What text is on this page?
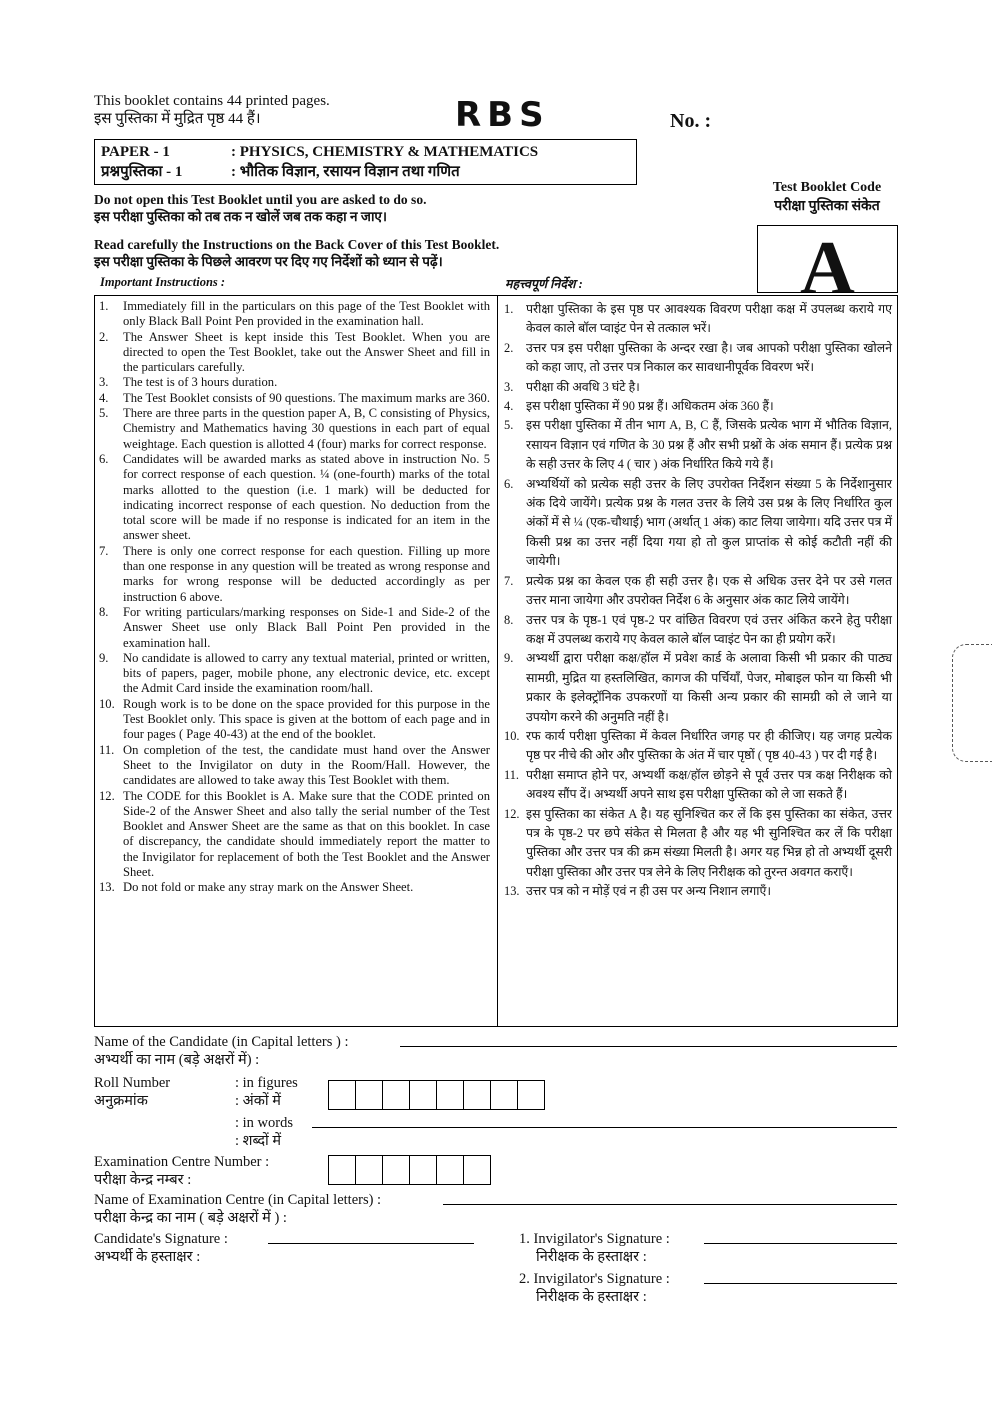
This booklet contains 44 printed pages.
इस पुस्तिका में मुद्रित पृष्ठ 44 हैं।	RBS	No. :
PAPER - 1	: PHYSICS, CHEMISTRY & MATHEMATICS
प्रश्नपुस्तिका - 1	: भौतिक विज्ञान, रसायन विज्ञान तथा गणित
Test Booklet Code
परीक्षा पुस्तिका संकेत
A
Do not open this Test Booklet until you are asked to do so.
इस परीक्षा पुस्तिका को तब तक न खोलें जब तक कहा न जाए।
Read carefully the Instructions on the Back Cover of this Test Booklet.
इस परीक्षा पुस्तिका के पिछले आवरण पर दिए गए निर्देशों को ध्यान से पढ़ें।
Important Instructions :	महत्त्वपूर्ण निर्देश :
1.	Immediately fill in the particulars on this page of the Test Booklet with only Black Ball Point Pen provided in the examination hall.
2.	The Answer Sheet is kept inside this Test Booklet. When you are directed to open the Test Booklet, take out the Answer Sheet and fill in the particulars carefully.
3.	The test is of 3 hours duration.
4.	The Test Booklet consists of 90 questions. The maximum marks are 360.
5.	There are three parts in the question paper A, B, C consisting of Physics, Chemistry and Mathematics having 30 questions in each part of equal weightage. Each question is allotted 4 (four) marks for correct response.
6.	Candidates will be awarded marks as stated above in instruction No. 5 for correct response of each question. ¼ (one-fourth) marks of the total marks allotted to the question (i.e. 1 mark) will be deducted for indicating incorrect response of each question. No deduction from the total score will be made if no response is indicated for an item in the answer sheet.
7.	There is only one correct response for each question. Filling up more than one response in any question will be treated as wrong response and marks for wrong response will be deducted accordingly as per instruction 6 above.
8.	For writing particulars/marking responses on Side-1 and Side-2 of the Answer Sheet use only Black Ball Point Pen provided in the examination hall.
9.	No candidate is allowed to carry any textual material, printed or written, bits of papers, pager, mobile phone, any electronic device, etc. except the Admit Card inside the examination room/hall.
10. Rough work is to be done on the space provided for this purpose in the Test Booklet only. This space is given at the bottom of each page and in four pages ( Page 40-43) at the end of the booklet.
11. On completion of the test, the candidate must hand over the Answer Sheet to the Invigilator on duty in the Room/Hall. However, the candidates are allowed to take away this Test Booklet with them.
12. The CODE for this Booklet is A. Make sure that the CODE printed on Side-2 of the Answer Sheet and also tally the serial number of the Test Booklet and Answer Sheet are the same as that on this booklet. In case of discrepancy, the candidate should immediately report the matter to the Invigilator for replacement of both the Test Booklet and the Answer Sheet.
13. Do not fold or make any stray mark on the Answer Sheet.
1.	परीक्षा पुस्तिका के इस पृष्ठ पर आवश्यक विवरण परीक्षा कक्ष में उपलब्ध कराये गए केवल काले बॉल प्वाइंट पेन से तत्काल भरें।
2.	उत्तर पत्र इस परीक्षा पुस्तिका के अन्दर रखा है। जब आपको परीक्षा पुस्तिका खोलने को कहा जाए, तो उत्तर पत्र निकाल कर सावधानीपूर्वक विवरण भरें।
3.	परीक्षा की अवधि 3 घंटे है।
4.	इस परीक्षा पुस्तिका में 90 प्रश्न हैं। अधिकतम अंक 360 हैं।
5.	इस परीक्षा पुस्तिका में तीन भाग A, B, C हैं, जिसके प्रत्येक भाग में भौतिक विज्ञान, रसायन विज्ञान एवं गणित के 30 प्रश्न हैं और सभी प्रश्नों के अंक समान हैं। प्रत्येक प्रश्न के सही उत्तर के लिए 4 ( चार ) अंक निर्धारित किये गये हैं।
6.	अभ्यर्थियों को प्रत्येक सही उत्तर के लिए उपरोक्त निर्देशन संख्या 5 के निर्देशानुसार अंक दिये जायेंगे। प्रत्येक प्रश्न के गलत उत्तर के लिये उस प्रश्न के लिए निर्धारित कुल अंकों में से ¼ (एक-चौथाई) भाग (अर्थात् 1 अंक) काट लिया जायेगा। यदि उत्तर पत्र में किसी प्रश्न का उत्तर नहीं दिया गया हो तो कुल प्राप्तांक से कोई कटौती नहीं की जायेगी।
7.	प्रत्येक प्रश्न का केवल एक ही सही उत्तर है। एक से अधिक उत्तर देने पर उसे गलत उत्तर माना जायेगा और उपरोक्त निर्देश 6 के अनुसार अंक काट लिये जायेंगे।
8.	उत्तर पत्र के पृष्ठ-1 एवं पृष्ठ-2 पर वांछित विवरण एवं उत्तर अंकित करने हेतु परीक्षा कक्ष में उपलब्ध कराये गए केवल काले बॉल प्वाइंट पेन का ही प्रयोग करें।
9.	अभ्यर्थी द्वारा परीक्षा कक्ष/हॉल में प्रवेश कार्ड के अलावा किसी भी प्रकार की पाठ्य सामग्री, मुद्रित या हस्तलिखित, कागज की पर्चियाँ, पेजर, मोबाइल फोन या किसी भी प्रकार के इलेक्ट्रॉनिक उपकरणों या किसी अन्य प्रकार की सामग्री को ले जाने या उपयोग करने की अनुमति नहीं है।
10. रफ कार्य परीक्षा पुस्तिका में केवल निर्धारित जगह पर ही कीजिए। यह जगह प्रत्येक पृष्ठ पर नीचे की ओर और पुस्तिका के अंत में चार पृष्ठों ( पृष्ठ 40-43 ) पर दी गई है।
11. परीक्षा समाप्त होने पर, अभ्यर्थी कक्ष/हॉल छोड़ने से पूर्व उत्तर पत्र कक्ष निरीक्षक को अवश्य सौंप दें। अभ्यर्थी अपने साथ इस परीक्षा पुस्तिका को ले जा सकते हैं।
12. इस पुस्तिका का संकेत A है। यह सुनिश्चित कर लें कि इस पुस्तिका का संकेत, उत्तर पत्र के पृष्ठ-2 पर छपे संकेत से मिलता है और यह भी सुनिश्चित कर लें कि परीक्षा पुस्तिका और उत्तर पत्र की क्रम संख्या मिलती है। अगर यह भिन्न हो तो अभ्यर्थी दूसरी परीक्षा पुस्तिका और उत्तर पत्र लेने के लिए निरीक्षक को तुरन्त अवगत कराएँ।
13. उत्तर पत्र को न मोड़ें एवं न ही उस पर अन्य निशान लगाएँ।
Name of the Candidate (in Capital letters ) :
अभ्यर्थी का नाम (बड़े अक्षरों में) :
Roll Number
अनुक्रमांक
: in figures
: अंकों में
: in words
: शब्दों में
Examination Centre Number :
परीक्षा केन्द्र नम्बर :
Name of Examination Centre (in Capital letters) :
परीक्षा केन्द्र का नाम ( बड़े अक्षरों में ) :
Candidate's Signature :
अभ्यर्थी के हस्ताक्षर :
1. Invigilator's Signature :
निरीक्षक के हस्ताक्षर :
2. Invigilator's Signature :
निरीक्षक के हस्ताक्षर :
